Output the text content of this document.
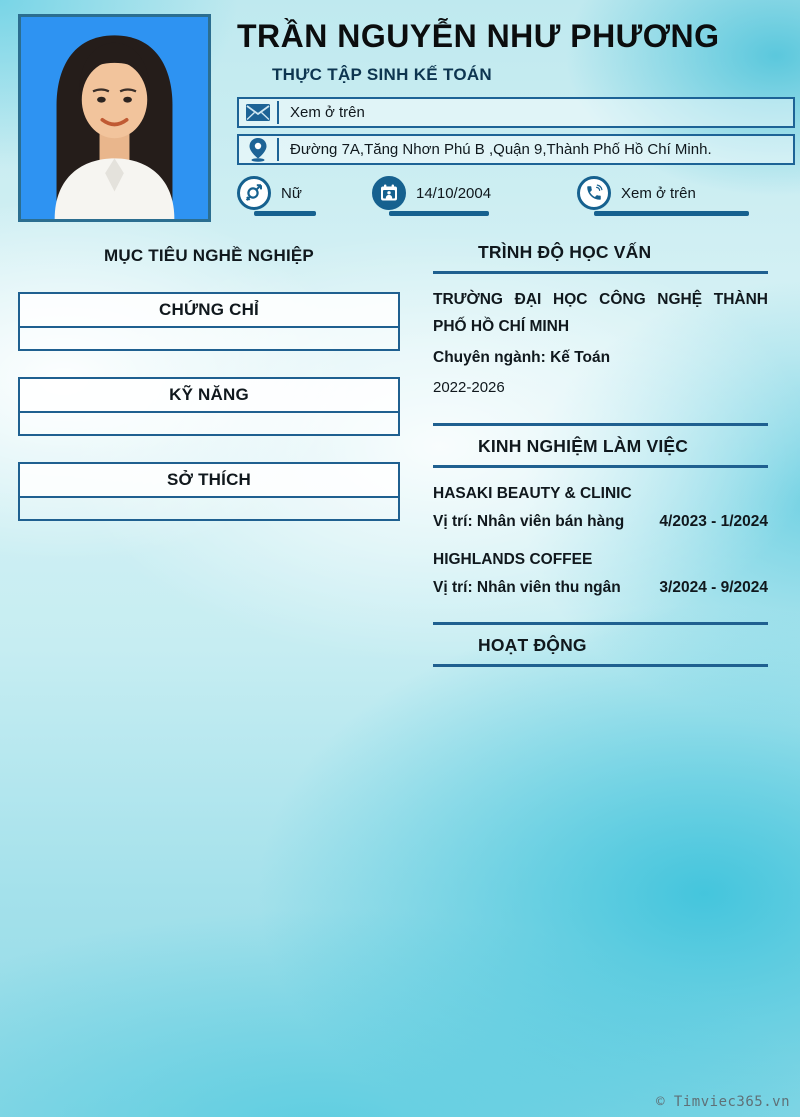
TRẦN NGUYỄN NHƯ PHƯƠNG
THỰC TẬP SINH KẾ TOÁN
Xem ở trên
Đường 7A,Tăng Nhơn Phú B ,Quận 9,Thành Phố Hồ Chí Minh.
Nữ	14/10/2004	Xem ở trên
MỤC TIÊU NGHỀ NGHIỆP

CHỨNG CHỈ
KỸ NĂNG
SỞ THÍCH
TRÌNH ĐỘ HỌC VẤN
TRƯỜNG ĐẠI HỌC CÔNG NGHỆ THÀNH PHỐ HỒ CHÍ MINH
Chuyên ngành: Kế Toán
2022-2026
KINH NGHIỆM LÀM VIỆC
HASAKI BEAUTY & CLINIC
Vị trí: Nhân viên bán hàng 4/2023 - 1/2024
HIGHLANDS COFFEE
Vị trí: Nhân viên thu ngân 3/2024 - 9/2024
HOẠT ĐỘNG

© Timviec365.vn
